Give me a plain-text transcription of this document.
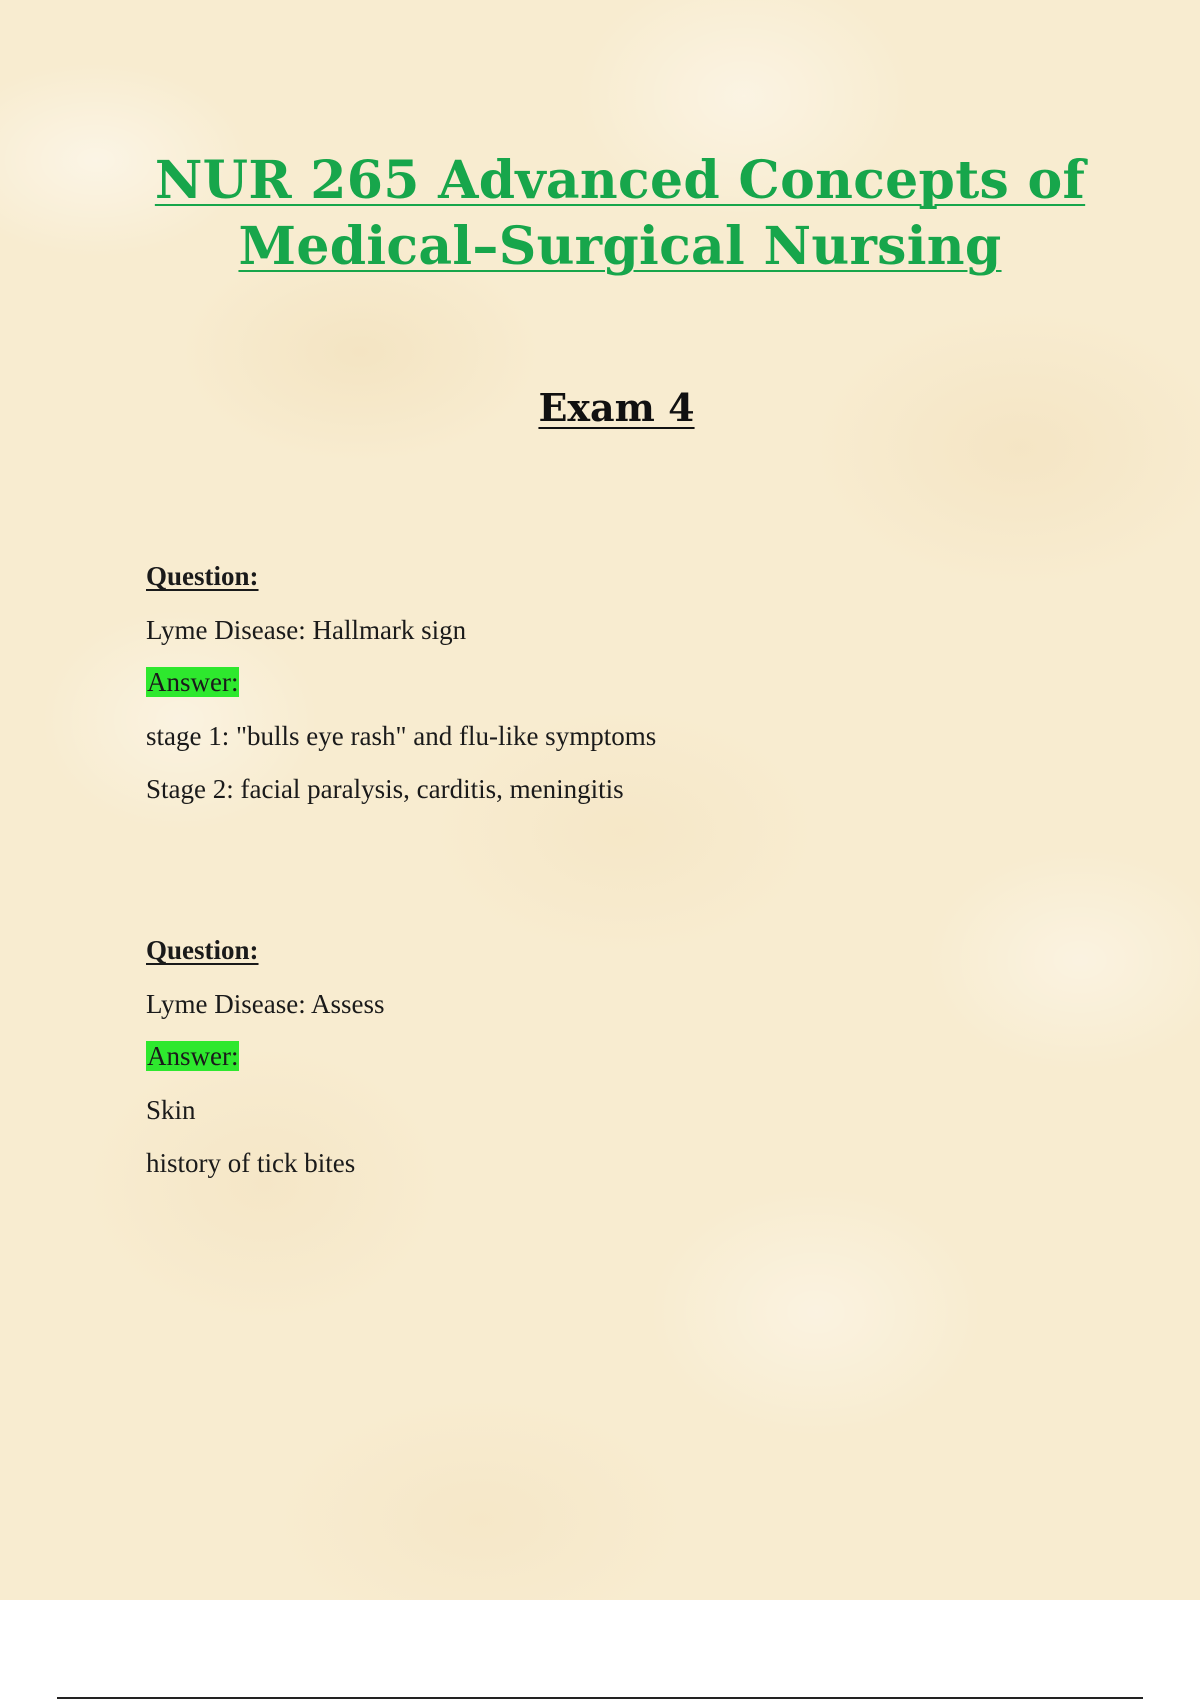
NUR 265 Advanced Concepts of
Medical–Surgical Nursing
Exam 4
Question:
Lyme Disease: Hallmark sign
Answer:
stage 1: "bulls eye rash" and flu-like symptoms
Stage 2: facial paralysis, carditis, meningitis
Question:
Lyme Disease: Assess
Answer:
Skin
history of tick bites
